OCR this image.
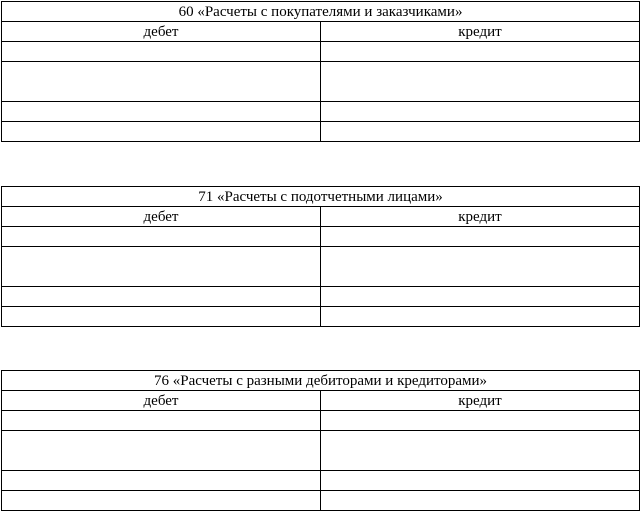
60 «Расчеты с покупателями и заказчиками»	
дебет	кредит

71 «Расчеты с подотчетными лицами»	
дебет	кредит

76 «Расчеты с разными дебиторами и кредиторами»	
дебет	кредит
